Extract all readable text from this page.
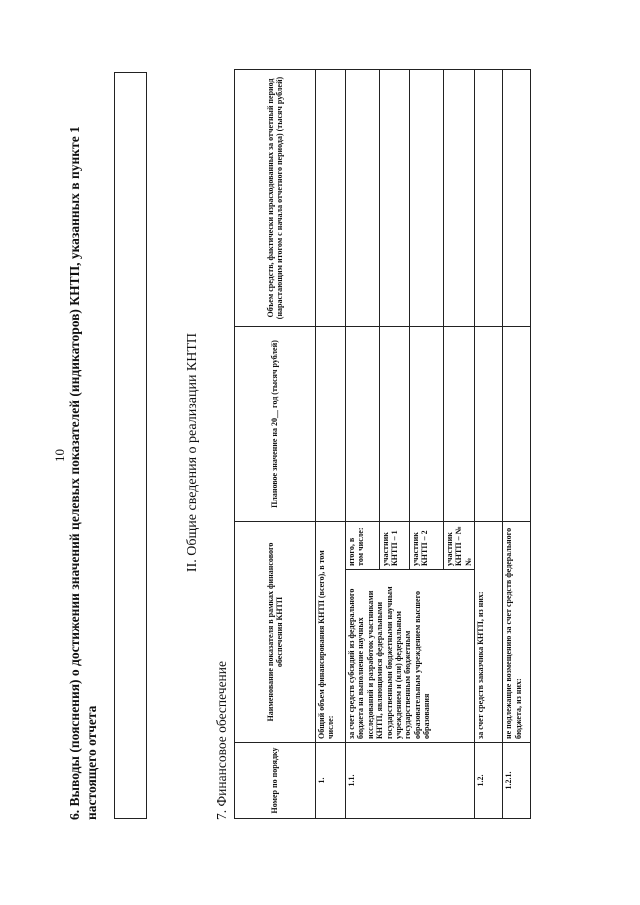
10 6. Выводы (пояснения) о достижении значений целевых показателей (индикаторов) КНТП, указанных в пункте 1 настоящего отчета
II. Общие сведения о реализации КНТП
7. Финансовое обеспечение	Номер по порядку	Наименование показателя в рамках финансового обеспечения КНТП		Плановое значение на 20__ год (тысяч рублей)	Объем средств, фактически израсходованных за отчетный период (нарастающим итогом с начала отчетного периода) (тысяч рублей)
1.	Общий объем финансирования КНТП (всего), в том числе:			
1.1.	за счет средств субсидий из федерального бюджета на выполнение научных исследований и разработок участниками КНТП, являющимися федеральными государственными бюджетными научным учреждением и (или) федеральным государственным бюджетным образовательным учреждением высшего образования	итого, в том числе:		
		участник КНТП – 1		
		участник КНТП – 2		
		участник КНТП – №№		
1.2.	за счет средств заказчика КНТП, из них:			
1.2.1.	не подлежащие возмещению за счет средств федерального бюджета, из них:			
